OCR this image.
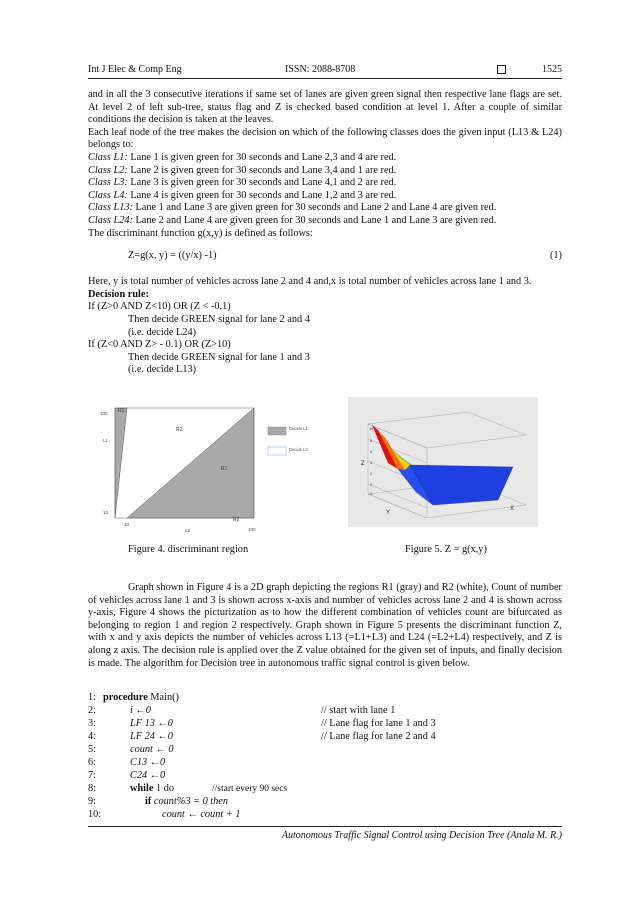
Int J Elec & Comp Eng	ISSN: 2088-8708	1525

and in all the 3 consecutive iterations if same set of lanes are given green signal then respective lane flags are set. At level 2 of left sub-tree, status flag and Z is checked based condition at level 1. After a couple of similar conditions the decision is taken at the leaves.

Each leaf node of the tree makes the decision on which of the following classes does the given input (L13 & L24) belongs to:

Class L1: Lane 1 is given green for 30 seconds and Lane 2,3 and 4 are red.
Class L2: Lane 2 is given green for 30 seconds and Lane 3,4 and 1 are red.
Class L3: Lane 3 is given green for 30 seconds and Lane 4,1 and 2 are red.
Class L4: Lane 4 is given green for 30 seconds and Lane 1,2 and 3 are red.
Class L13: Lane 1 and Lane 3 are given green for 30 seconds and Lane 2 and Lane 4 are given red.
Class L24: Lane 2 and Lane 4 are given green for 30 seconds and Lane 1 and Lane 3 are given red.
The discriminant function g(x,y) is defined as follows:
Z=g(x, y) = ((y/x) -1)	(1)
Here, y is total number of vehicles across lane 2 and 4 and,x is total number of vehicles across lane 1 and 3.
Decision rule:
If (Z>0 AND Z<10) OR (Z < -0.1)
Then decide GREEN signal for lane 2 and 4
(i.e. decide L24)
If (Z<0 AND Z> - 0.1) OR (Z>10)
Then decide GREEN signal for lane 1 and 3
(i.e. decide L13)
R1
R2
R1
R2
100
L1
10
10
L2	100
Decide L1
Decide L2
Z
10
8
6
4
2
0
-2
Y
X
Figure 4. discriminant region	Figure 5. Z = g(x,y)

Graph shown in Figure 4 is a 2D graph depicting the regions R1 (gray) and R2 (white), Count of number of vehicles across lane 1 and 3 is shown across x-axis and number of vehicles across lane 2 and 4 is shown across y-axis, Figure 4 shows the picturization as to how the different combination of vehicles count are bifurcated as belonging to region 1 and region 2 respectively. Graph shown in Figure 5 presents the discriminant function Z, with x and y axis depicts the number of vehicles across L13 (=L1+L3) and L24 (=L2+L4) respectively, and Z is along z axis. The decision rule is applied over the Z value obtained for the given set of inputs, and finally decision is made. The algorithm for Decision tree in autonomous traffic signal control is given below.

1: procedure Main()
2:	i ←0	// start with lane 1
3:	LF 13 ←0	// Lane flag for lane 1 and 3
4:	LF 24 ←0	// Lane flag for lane 2 and 4
5:	count ← 0
6:	C13 ←0
7:	C24 ←0
8:	while 1 do	//start every 90 secs
9:	if count%3 = 0 then
10:	count ← count + 1
Autonomous Traffic Signal Control using Decision Tree (Anala M. R.)
